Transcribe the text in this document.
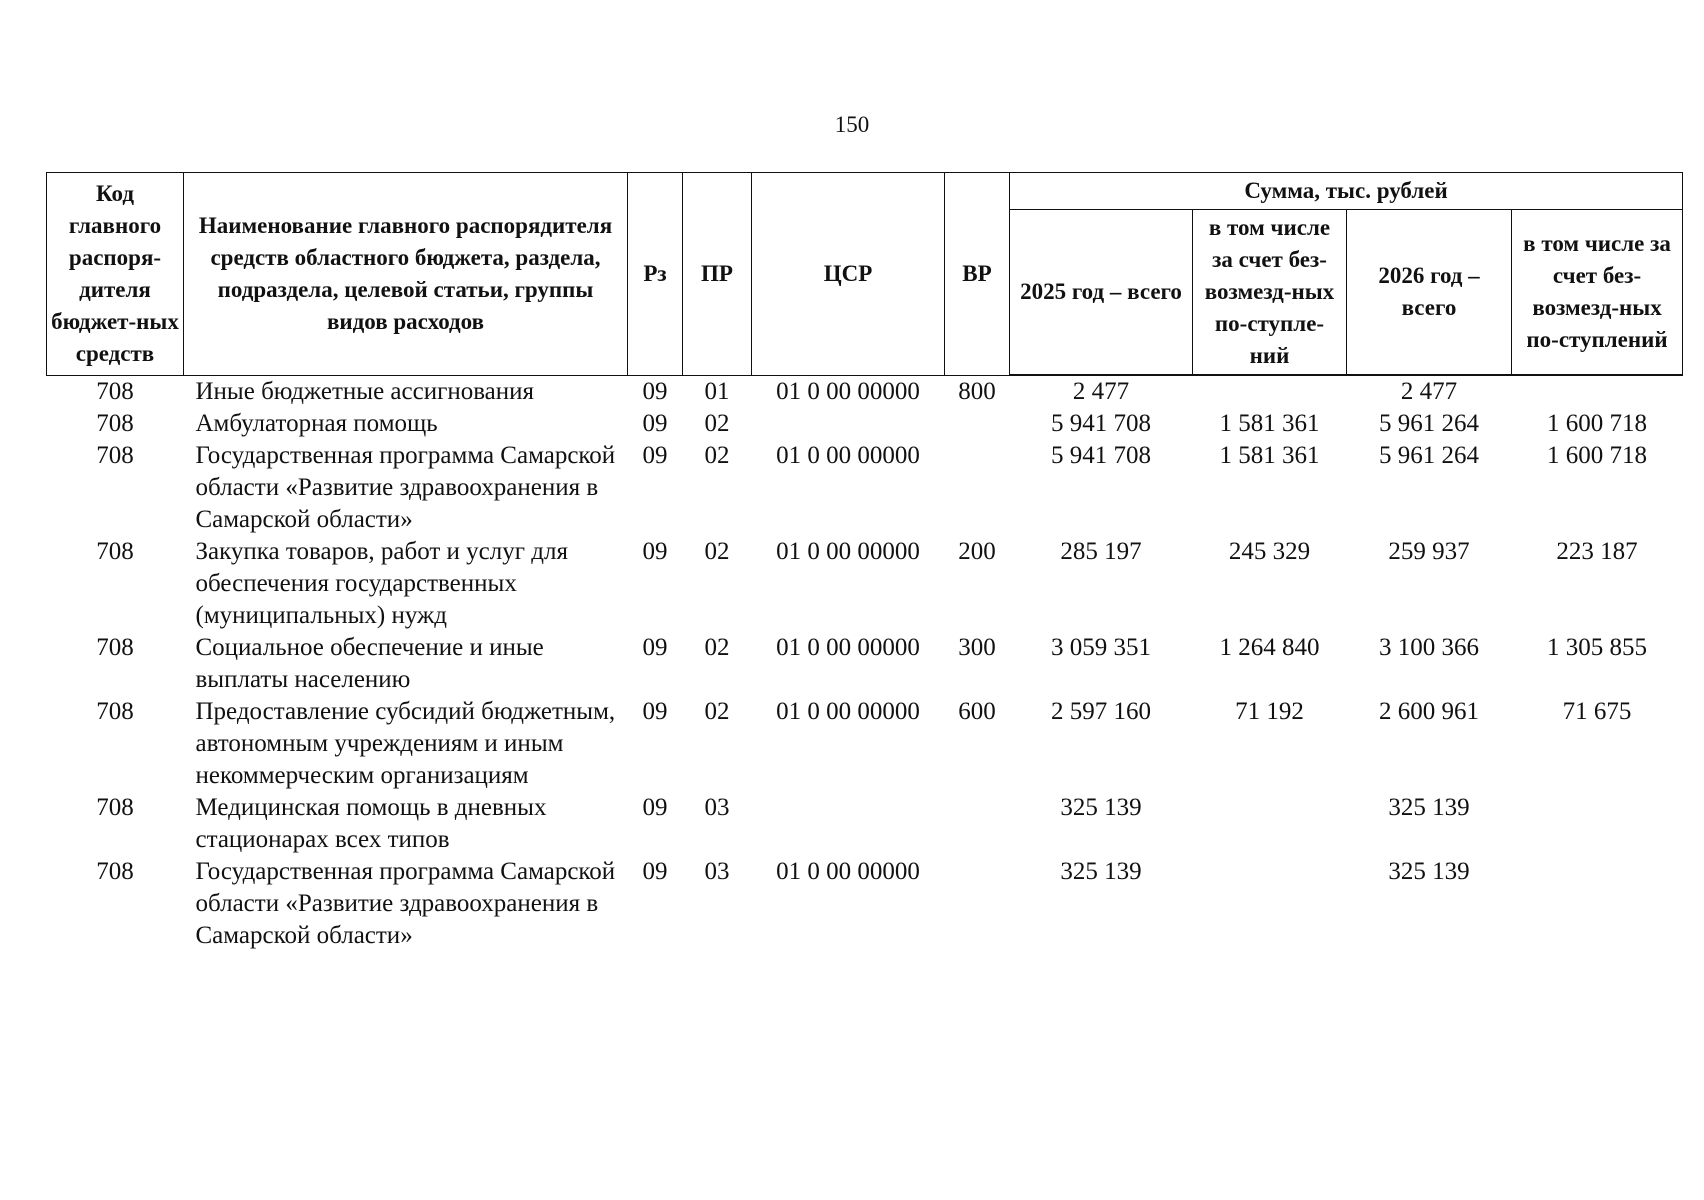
150
Код главного распоря-дителя бюджет-ных средств	Наименование главного распорядителя средств областного бюджета, раздела, подраздела, целевой статьи, группы видов расходов	Рз	ПР	ЦСР	ВР	Сумма, тыс. рублей			
						2025 год – всего	в том числе за счет без-возмезд-ных по-ступле-ний	2026 год – всего	в том числе за счет без-возмезд-ных по-ступлений
708	Иные бюджетные ассигнования	09	01	01 0 00 00000	800	2 477		2 477	
708	Амбулаторная помощь	09	02			5 941 708	1 581 361	5 961 264	1 600 718
708	Государственная программа Самарской области «Развитие здравоохранения в Самарской области»	09	02	01 0 00 00000		5 941 708	1 581 361	5 961 264	1 600 718
708	Закупка товаров, работ и услуг для обеспечения государственных (муниципальных) нужд	09	02	01 0 00 00000	200	285 197	245 329	259 937	223 187
708	Социальное обеспечение и иные выплаты населению	09	02	01 0 00 00000	300	3 059 351	1 264 840	3 100 366	1 305 855
708	Предоставление субсидий бюджетным, автономным учреждениям и иным некоммерческим организациям	09	02	01 0 00 00000	600	2 597 160	71 192	2 600 961	71 675
708	Медицинская помощь в дневных стационарах всех типов	09	03			325 139		325 139	
708	Государственная программа Самарской области «Развитие здравоохранения в Самарской области»	09	03	01 0 00 00000		325 139		325 139	
